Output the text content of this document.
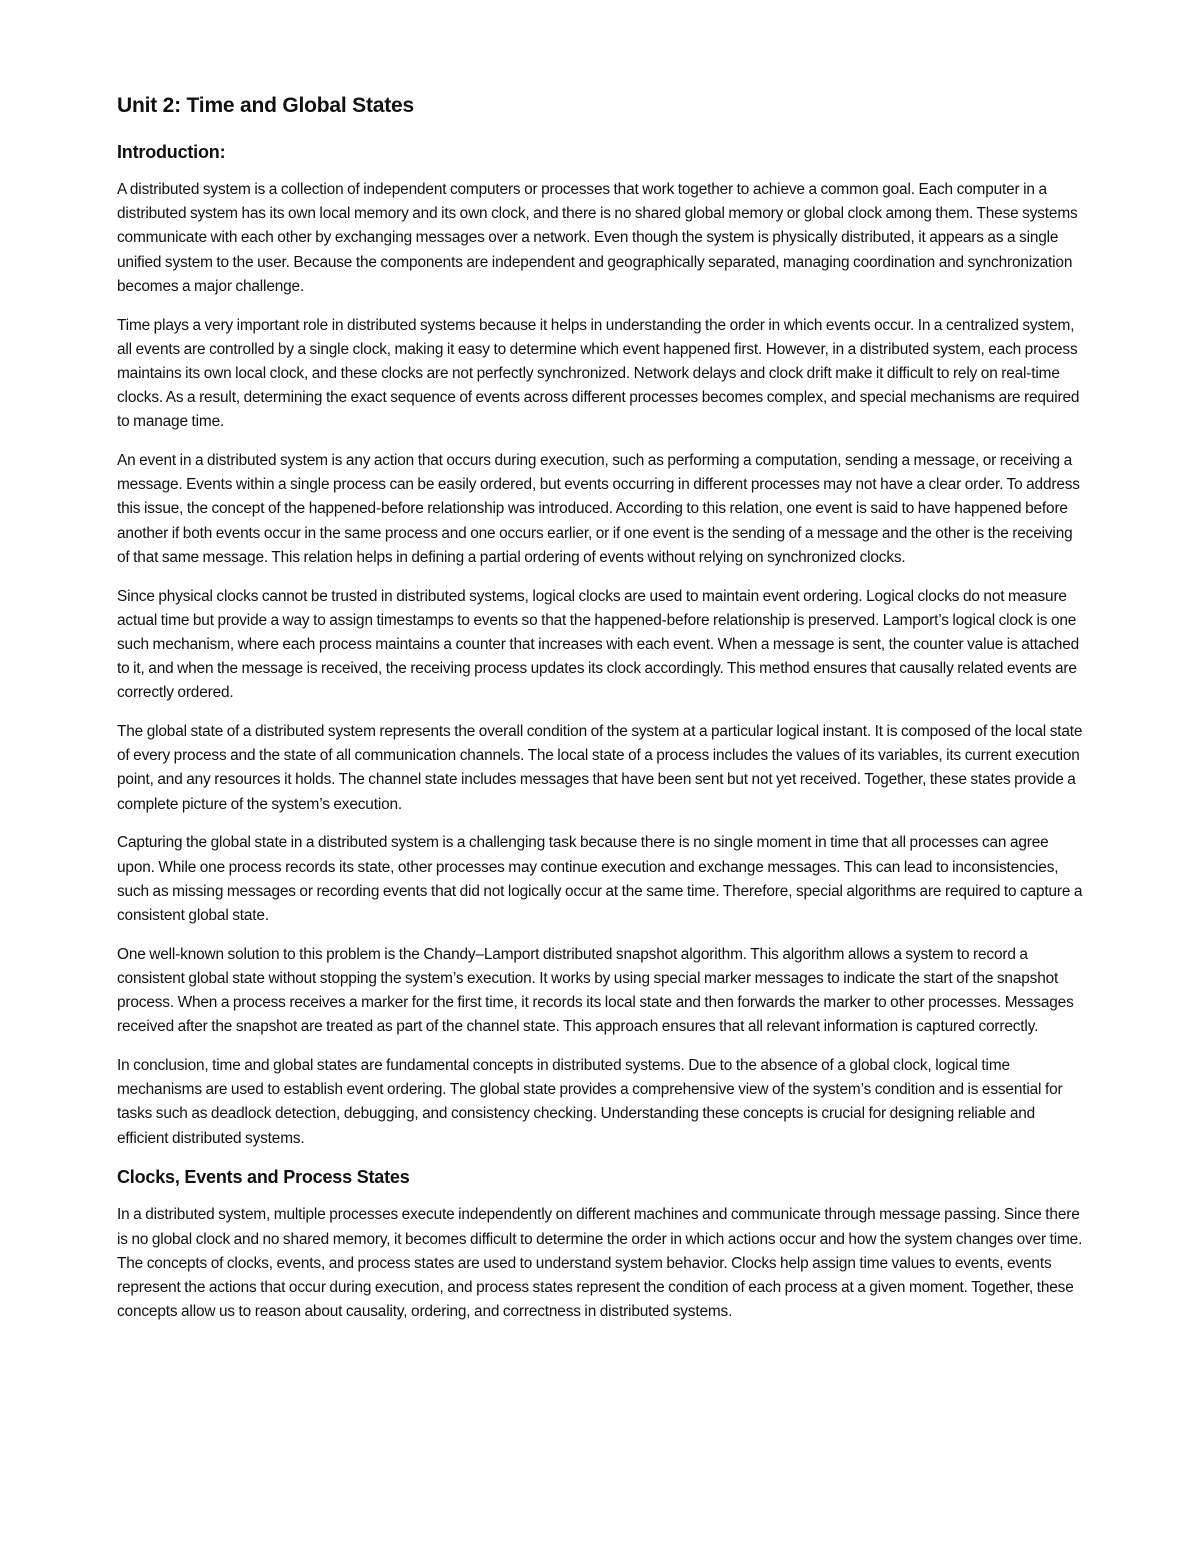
Unit 2: Time and Global States
Introduction:

A distributed system is a collection of independent computers or processes that work together to achieve a common goal. Each computer in a distributed system has its own local memory and its own clock, and there is no shared global memory or global clock among them. These systems communicate with each other by exchanging messages over a network. Even though the system is physically distributed, it appears as a single unified system to the user. Because the components are independent and geographically separated, managing coordination and synchronization becomes a major challenge.

Time plays a very important role in distributed systems because it helps in understanding the order in which events occur. In a centralized system, all events are controlled by a single clock, making it easy to determine which event happened first. However, in a distributed system, each process maintains its own local clock, and these clocks are not perfectly synchronized. Network delays and clock drift make it difficult to rely on real-time clocks. As a result, determining the exact sequence of events across different processes becomes complex, and special mechanisms are required to manage time.

An event in a distributed system is any action that occurs during execution, such as performing a computation, sending a message, or receiving a message. Events within a single process can be easily ordered, but events occurring in different processes may not have a clear order. To address this issue, the concept of the happened-before relationship was introduced. According to this relation, one event is said to have happened before another if both events occur in the same process and one occurs earlier, or if one event is the sending of a message and the other is the receiving of that same message. This relation helps in defining a partial ordering of events without relying on synchronized clocks.

Since physical clocks cannot be trusted in distributed systems, logical clocks are used to maintain event ordering. Logical clocks do not measure actual time but provide a way to assign timestamps to events so that the happened-before relationship is preserved. Lamport’s logical clock is one such mechanism, where each process maintains a counter that increases with each event. When a message is sent, the counter value is attached to it, and when the message is received, the receiving process updates its clock accordingly. This method ensures that causally related events are correctly ordered.

The global state of a distributed system represents the overall condition of the system at a particular logical instant. It is composed of the local state of every process and the state of all communication channels. The local state of a process includes the values of its variables, its current execution point, and any resources it holds. The channel state includes messages that have been sent but not yet received. Together, these states provide a complete picture of the system’s execution.

Capturing the global state in a distributed system is a challenging task because there is no single moment in time that all processes can agree upon. While one process records its state, other processes may continue execution and exchange messages. This can lead to inconsistencies, such as missing messages or recording events that did not logically occur at the same time. Therefore, special algorithms are required to capture a consistent global state.

One well-known solution to this problem is the Chandy–Lamport distributed snapshot algorithm. This algorithm allows a system to record a consistent global state without stopping the system’s execution. It works by using special marker messages to indicate the start of the snapshot process. When a process receives a marker for the first time, it records its local state and then forwards the marker to other processes. Messages received after the snapshot are treated as part of the channel state. This approach ensures that all relevant information is captured correctly.

In conclusion, time and global states are fundamental concepts in distributed systems. Due to the absence of a global clock, logical time mechanisms are used to establish event ordering. The global state provides a comprehensive view of the system’s condition and is essential for tasks such as deadlock detection, debugging, and consistency checking. Understanding these concepts is crucial for designing reliable and efficient distributed systems.

Clocks, Events and Process States

In a distributed system, multiple processes execute independently on different machines and communicate through message passing. Since there is no global clock and no shared memory, it becomes difficult to determine the order in which actions occur and how the system changes over time. The concepts of clocks, events, and process states are used to understand system behavior. Clocks help assign time values to events, events represent the actions that occur during execution, and process states represent the condition of each process at a given moment. Together, these concepts allow us to reason about causality, ordering, and correctness in distributed systems.
